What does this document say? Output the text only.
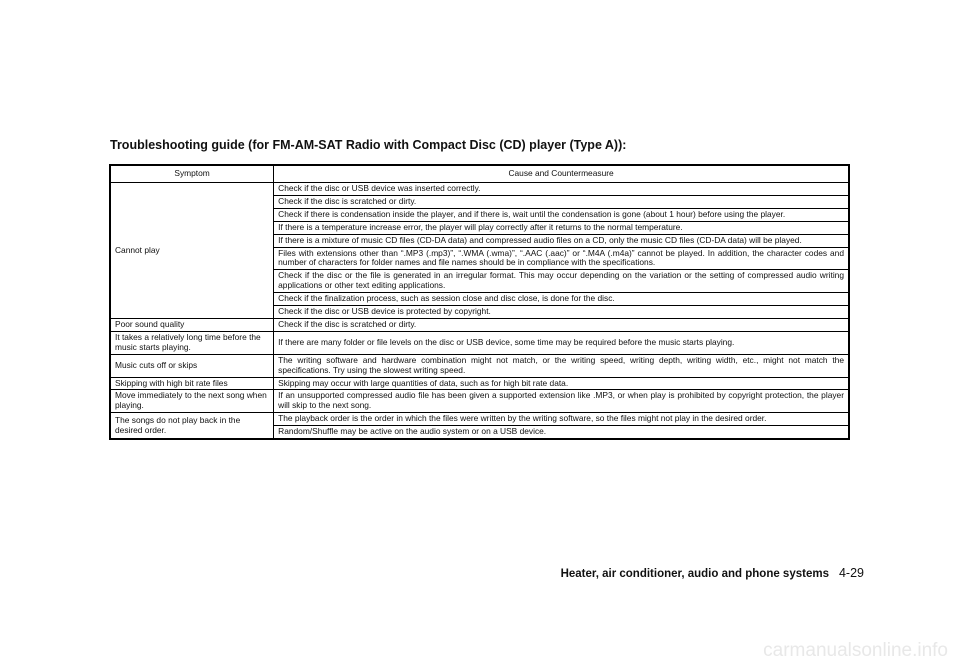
Troubleshooting guide (for FM-AM-SAT Radio with Compact Disc (CD) player (Type A)):
Symptom	Cause and Countermeasure
Cannot play	Check if the disc or USB device was inserted correctly.
	Check if the disc is scratched or dirty.
	Check if there is condensation inside the player, and if there is, wait until the condensation is gone (about 1 hour) before using the player.
	If there is a temperature increase error, the player will play correctly after it returns to the normal temperature.
	If there is a mixture of music CD files (CD-DA data) and compressed audio files on a CD, only the music CD files (CD-DA data) will be played.
	Files with extensions other than “.MP3 (.mp3)”, “.WMA (.wma)”, “.AAC (.aac)” or “.M4A (.m4a)” cannot be played. In addition, the character codes and number of characters for folder names and file names should be in compliance with the specifications.
	Check if the disc or the file is generated in an irregular format. This may occur depending on the variation or the setting of compressed audio writing applications or other text editing applications.
	Check if the finalization process, such as session close and disc close, is done for the disc.
	Check if the disc or USB device is protected by copyright.
Poor sound quality	Check if the disc is scratched or dirty.
It takes a relatively long time before the music starts playing.	If there are many folder or file levels on the disc or USB device, some time may be required before the music starts playing.
Music cuts off or skips	The writing software and hardware combination might not match, or the writing speed, writing depth, writing width, etc., might not match the specifications. Try using the slowest writing speed.
Skipping with high bit rate files	Skipping may occur with large quantities of data, such as for high bit rate data.
Move immediately to the next song when playing.	If an unsupported compressed audio file has been given a supported extension like .MP3, or when play is prohibited by copyright protection, the player will skip to the next song.
The songs do not play back in the desired order.	The playback order is the order in which the files were written by the writing software, so the files might not play in the desired order.
	Random/Shuffle may be active on the audio system or on a USB device.
Heater, air conditioner, audio and phone systems 4-29
carmanualsonline.info
